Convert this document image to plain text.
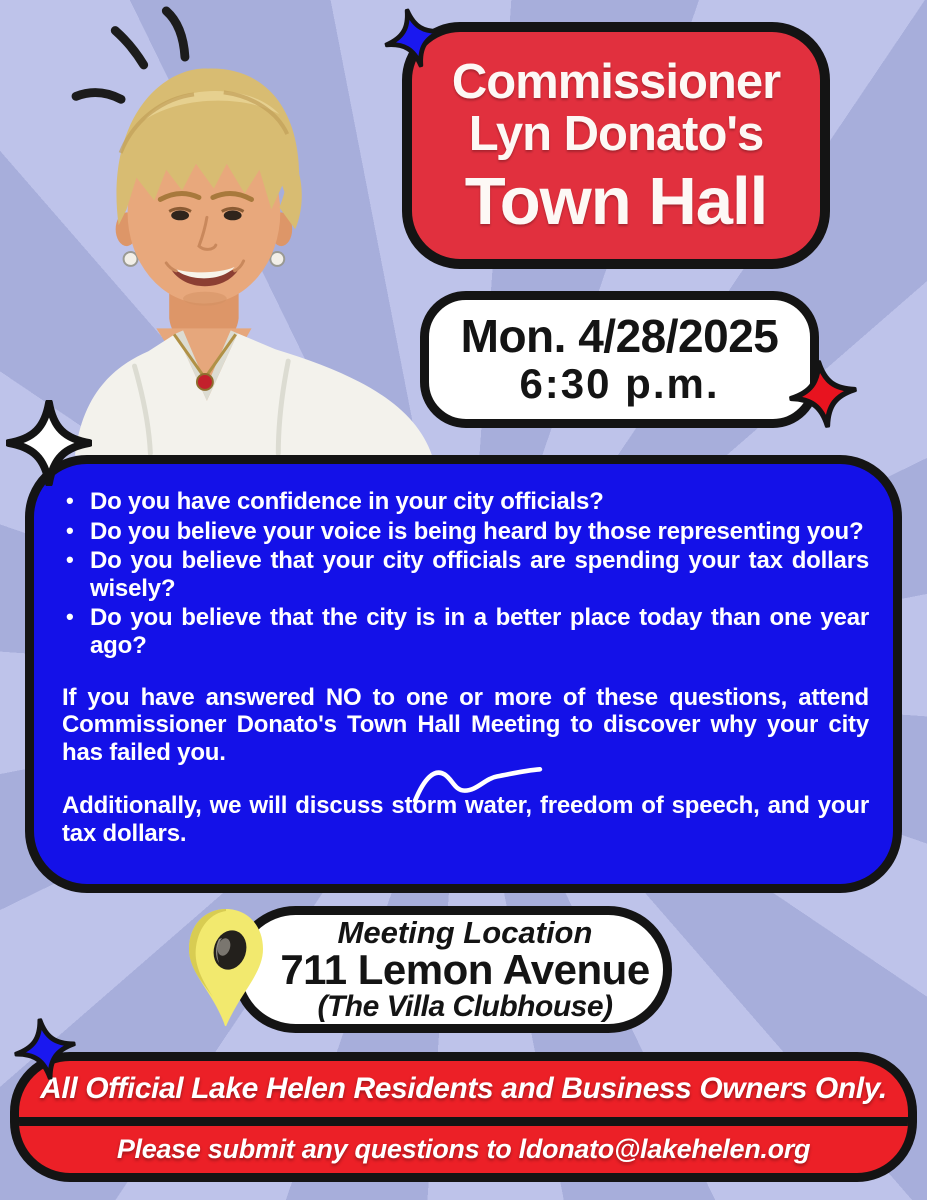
Commissioner
Lyn Donato's
Town Hall
Mon. 4/28/2025
6:30 p.m.
• Do you have confidence in your city officials?
• Do you believe your voice is being heard by those representing you?
• Do you believe that your city officials are spending your tax dollars wisely?
• Do you believe that the city is in a better place today than one year ago?

If you have answered NO to one or more of these questions, attend Commissioner Donato's Town Hall Meeting to discover why your city has failed you.

Additionally, we will discuss storm water, freedom of speech, and your tax dollars.

Meeting Location
711 Lemon Avenue
(The Villa Clubhouse)
All Official Lake Helen Residents and Business Owners Only.
Please submit any questions to ldonato@lakehelen.org
